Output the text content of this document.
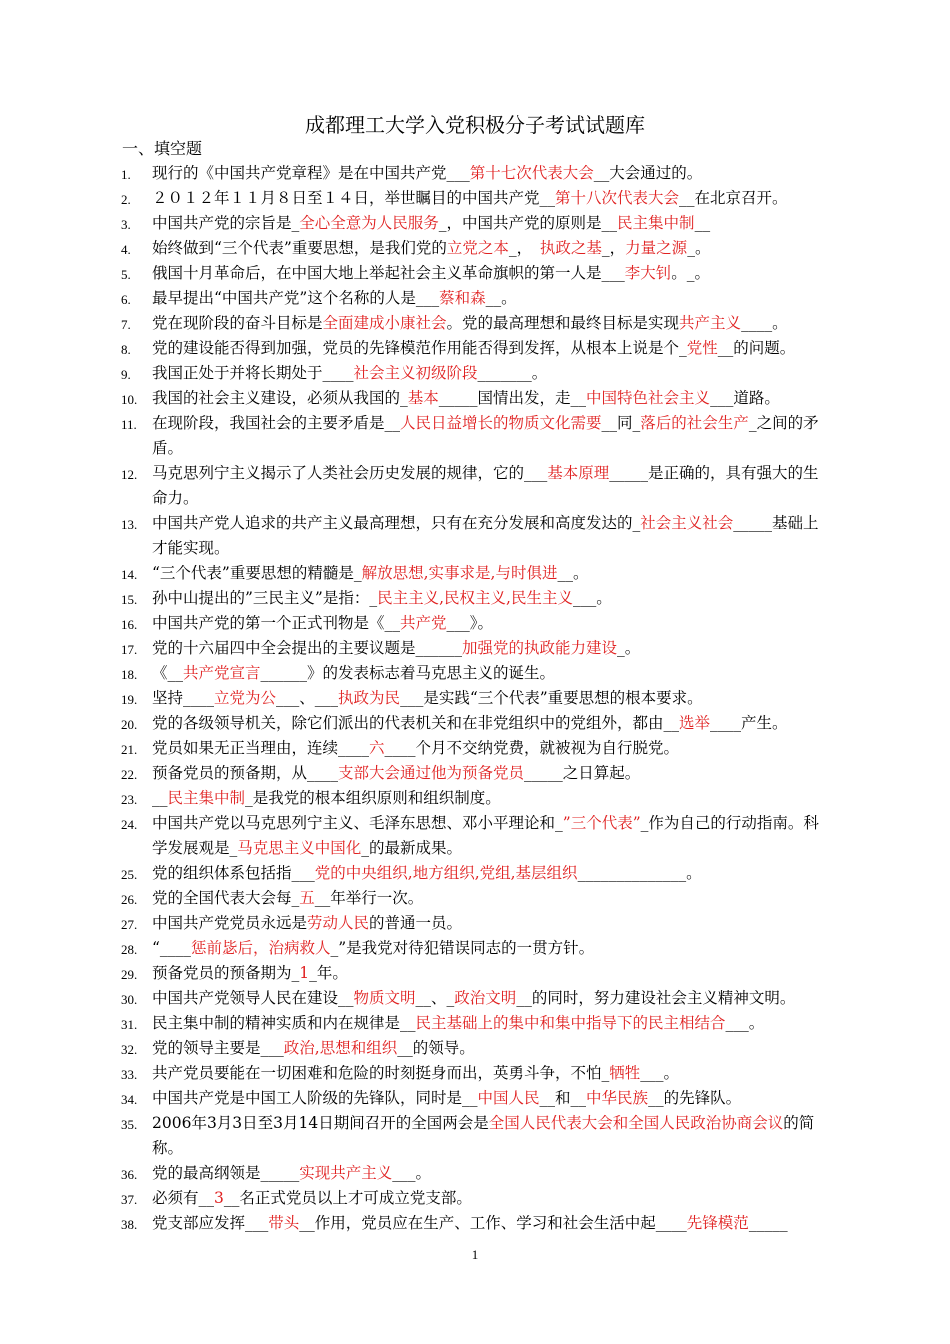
成都理工大学入党积极分子考试试题库
一、填空题
1. 现行的《中国共产党章程》是在中国共产党___第十七次代表大会__大会通过的。
2. ２０１２年１１月８日至１４日，举世瞩目的中国共产党__第十八次代表大会__在北京召开。
3. 中国共产党的宗旨是_全心全意为人民服务_，中国共产党的原则是__民主集中制__
4. 始终做到“三个代表”重要思想，是我们党的立党之本_，　执政之基_，力量之源_。
5. 俄国十月革命后，在中国大地上举起社会主义革命旗帜的第一人是___李大钊。_。
6. 最早提出“中国共产党”这个名称的人是___蔡和森__。
7. 党在现阶段的奋斗目标是全面建成小康社会。党的最高理想和最终目标是实现共产主义____。
8. 党的建设能否得到加强，党员的先锋模范作用能否得到发挥，从根本上说是个_党性__的问题。
9. 我国正处于并将长期处于____社会主义初级阶段_______。
10. 我国的社会主义建设，必须从我国的_基本_____国情出发，走__中国特色社会主义___道路。
11. 在现阶段，我国社会的主要矛盾是__人民日益增长的物质文化需要__同_落后的社会生产_之间的矛盾。
12. 马克思列宁主义揭示了人类社会历史发展的规律，它的___基本原理_____是正确的，具有强大的生命力。
13. 中国共产党人追求的共产主义最高理想，只有在充分发展和高度发达的_社会主义社会_____基础上才能实现。
14. “三个代表”重要思想的精髓是_解放思想,实事求是,与时俱进__。
15. 孙中山提出的”三民主义”是指：_民主主义,民权主义,民生主义___。
16. 中国共产党的第一个正式刊物是《__共产党___》。
17. 党的十六届四中全会提出的主要议题是______加强党的执政能力建设_。
18. 《__共产党宣言______》的发表标志着马克思主义的诞生。
19. 坚持____立党为公___、___执政为民___是实践“三个代表”重要思想的根本要求。
20. 党的各级领导机关，除它们派出的代表机关和在非党组织中的党组外，都由__选举____产生。
21. 党员如果无正当理由，连续____六____个月不交纳党费，就被视为自行脱党。
22. 预备党员的预备期，从____支部大会通过他为预备党员_____之日算起。
23. __民主集中制_是我党的根本组织原则和组织制度。
24. 中国共产党以马克思列宁主义、毛泽东思想、邓小平理论和_”三个代表”_作为自己的行动指南。科学发展观是_马克思主义中国化_的最新成果。
25. 党的组织体系包括指___党的中央组织,地方组织,党组,基层组织______________。
26. 党的全国代表大会每_五__年举行一次。
27. 中国共产党党员永远是劳动人民的普通一员。
28. “____惩前毖后，治病救人_”是我党对待犯错误同志的一贯方针。
29. 预备党员的预备期为_1_年。
30. 中国共产党领导人民在建设__物质文明__、_政治文明__的同时，努力建设社会主义精神文明。
31. 民主集中制的精神实质和内在规律是__民主基础上的集中和集中指导下的民主相结合___。
32. 党的领导主要是___政治,思想和组织__的领导。
33. 共产党员要能在一切困难和危险的时刻挺身而出，英勇斗争，不怕_牺牲___。
34. 中国共产党是中国工人阶级的先锋队，同时是__中国人民__和__中华民族__的先锋队。
35. 2006年3月3日至3月14日期间召开的全国两会是全国人民代表大会和全国人民政治协商会议的简称。
36. 党的最高纲领是_____实现共产主义___。
37. 必须有__3__名正式党员以上才可成立党支部。
38. 党支部应发挥___带头__作用，党员应在生产、工作、学习和社会生活中起____先锋模范_____
1
